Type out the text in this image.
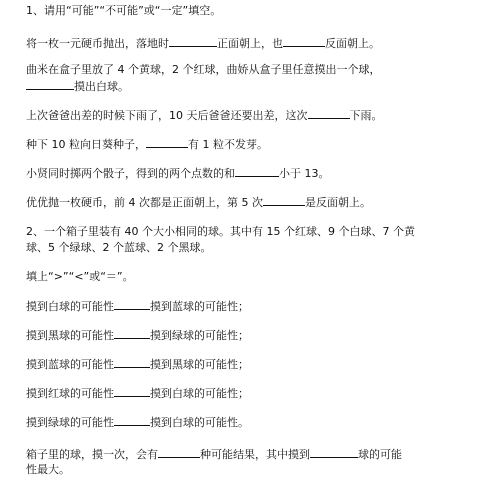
1、请用“可能”“不可能”或“一定”填空。

将一枚一元硬币抛出，落地时	正面朝上，也	反面朝上。

曲米在盒子里放了 4 个黄球，2 个红球，曲娇从盒子里任意摸出一个球，

摸出白球。

上次爸爸出差的时候下雨了，10 天后爸爸还要出差，这次	下雨。

种下 10 粒向日葵种子，	有 1 粒不发芽。

小贤同时掷两个骰子，得到的两个点数的和	小于 13。

优优抛一枚硬币，前 4 次都是正面朝上，第 5 次	是反面朝上。

2、一个箱子里装有 40 个大小相同的球。其中有 15 个红球、9 个白球、7 个黄

球、5 个绿球、2 个蓝球、2 个黑球。

填上“>”“<”或“＝”。

摸到白球的可能性	摸到蓝球的可能性；

摸到黑球的可能性	摸到绿球的可能性；

摸到蓝球的可能性	摸到黑球的可能性；

摸到红球的可能性	摸到白球的可能性；

摸到绿球的可能性	摸到白球的可能性。

箱子里的球，摸一次，会有	种可能结果，其中摸到	球的可能

性最大。
